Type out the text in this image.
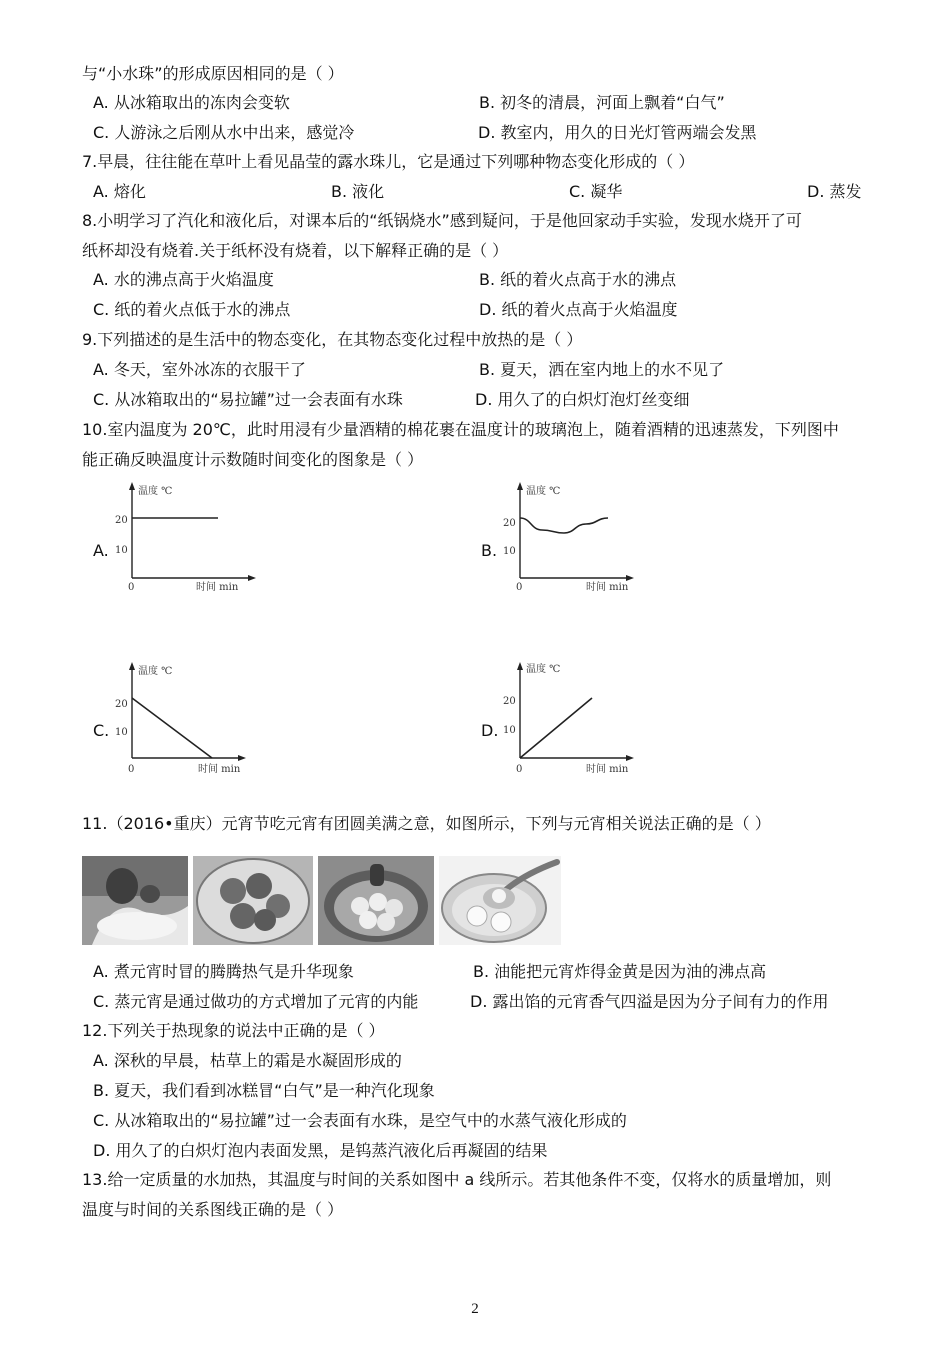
与“小水珠”的形成原因相同的是（ ）
A. 从冰箱取出的冻肉会变软	B. 初冬的清晨，河面上飘着“白气”
C. 人游泳之后刚从水中出来，感觉冷	D. 教室内，用久的日光灯管两端会发黑
7.早晨，往往能在草叶上看见晶莹的露水珠儿，它是通过下列哪种物态变化形成的（ ）
A. 熔化	B. 液化	C. 凝华	D. 蒸发
8.小明学习了汽化和液化后，对课本后的“纸锅烧水”感到疑问，于是他回家动手实验，发现水烧开了可
纸杯却没有烧着.关于纸杯没有烧着，以下解释正确的是（ ）
A. 水的沸点高于火焰温度	B. 纸的着火点高于水的沸点
C. 纸的着火点低于水的沸点	D. 纸的着火点高于火焰温度
9.下列描述的是生活中的物态变化，在其物态变化过程中放热的是（ ）
A. 冬天，室外冰冻的衣服干了	B. 夏天，洒在室内地上的水不见了
C. 从冰箱取出的“易拉罐”过一会表面有水珠	D. 用久了的白炽灯泡灯丝变细
10.室内温度为 20℃，此时用浸有少量酒精的棉花裹在温度计的玻璃泡上，随着酒精的迅速蒸发，下列图中
能正确反映温度计示数随时间变化的图象是（ ）
A.	B.
C.	D.
温度 ℃
20
10
0	时间 min
温度 ℃
20
10
0	时间 min
温度 ℃
20
10
0	时间 min
温度 ℃
20
10
0	时间 min
11.（2016•重庆）元宵节吃元宵有团圆美满之意，如图所示，下列与元宵相关说法正确的是（ ）
A. 煮元宵时冒的腾腾热气是升华现象	B. 油能把元宵炸得金黄是因为油的沸点高
C. 蒸元宵是通过做功的方式增加了元宵的内能	D. 露出馅的元宵香气四溢是因为分子间有力的作用
12.下列关于热现象的说法中正确的是（ ）
A. 深秋的早晨，枯草上的霜是水凝固形成的
B. 夏天，我们看到冰糕冒“白气”是一种汽化现象
C. 从冰箱取出的“易拉罐”过一会表面有水珠，是空气中的水蒸气液化形成的
D. 用久了的白炽灯泡内表面发黑，是钨蒸汽液化后再凝固的结果
13.给一定质量的水加热，其温度与时间的关系如图中 a 线所示。若其他条件不变，仅将水的质量增加，则
温度与时间的关系图线正确的是（ ）
2
